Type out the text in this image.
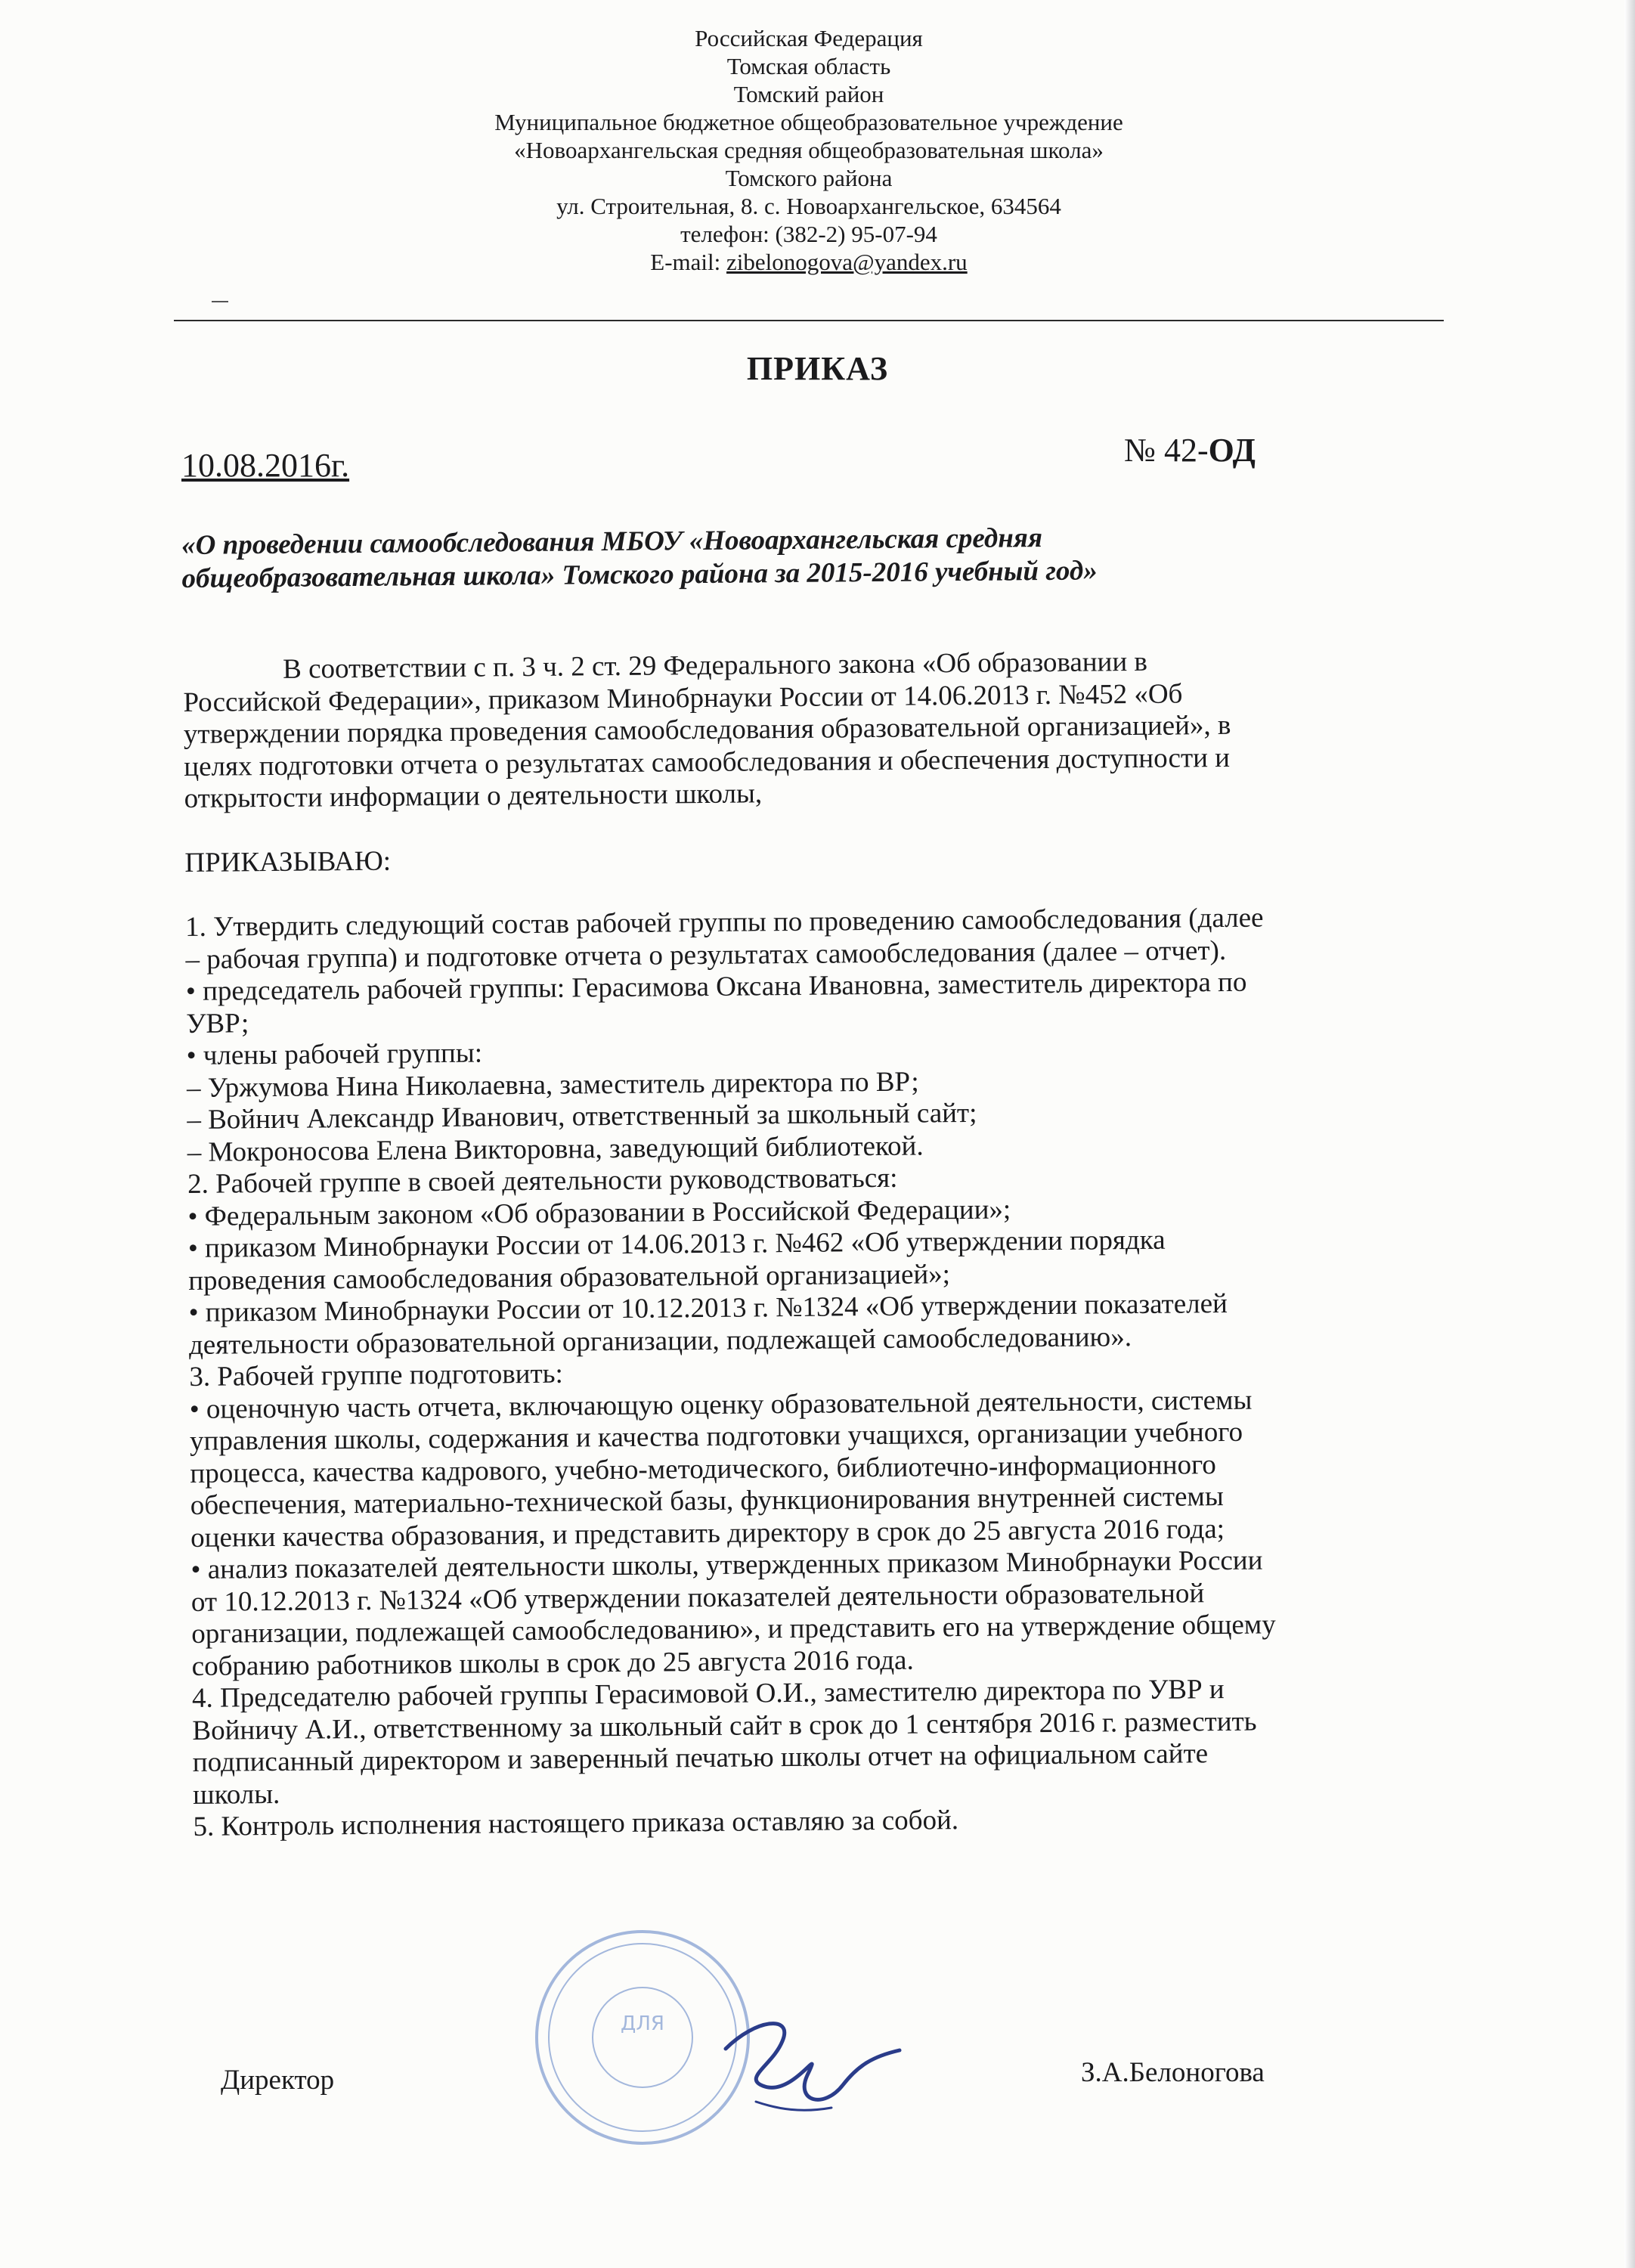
Российская Федерация
Томская область
Томский район
Муниципальное бюджетное общеобразовательное учреждение
«Новоархангельская средняя общеобразовательная школа»
Томского района
ул. Строительная, 8. с. Новоархангельское, 634564
телефон: (382-2) 95-07-94
E-mail: zibelonogova@yandex.ru
ПРИКАЗ
10.08.2016г.	№ 42-ОД
«О проведении самообследования МБОУ «Новоархангельская средняя
общеобразовательная школа» Томского района за 2015-2016 учебный год»
В соответствии с п. 3 ч. 2 ст. 29 Федерального закона «Об образовании в
Российской Федерации», приказом Минобрнауки России от 14.06.2013 г. №452 «Об
утверждении порядка проведения самообследования образовательной организацией», в
целях подготовки отчета о результатах самообследования и обеспечения доступности и
открытости информации о деятельности школы,
ПРИКАЗЫВАЮ:
1. Утвердить следующий состав рабочей группы по проведению самообследования (далее
– рабочая группа) и подготовке отчета о результатах самообследования (далее – отчет).
• председатель рабочей группы: Герасимова Оксана Ивановна, заместитель директора по
УВР;
• члены рабочей группы:
– Уржумова Нина Николаевна, заместитель директора по ВР;
– Войнич Александр Иванович, ответственный за школьный сайт;
– Мокроносова Елена Викторовна, заведующий библиотекой.
2. Рабочей группе в своей деятельности руководствоваться:
• Федеральным законом «Об образовании в Российской Федерации»;
• приказом Минобрнауки России от 14.06.2013 г. №462 «Об утверждении порядка
проведения самообследования образовательной организацией»;
• приказом Минобрнауки России от 10.12.2013 г. №1324 «Об утверждении показателей
деятельности образовательной организации, подлежащей самообследованию».
3. Рабочей группе подготовить:
• оценочную часть отчета, включающую оценку образовательной деятельности, системы
управления школы, содержания и качества подготовки учащихся, организации учебного
процесса, качества кадрового, учебно-методического, библиотечно-информационного
обеспечения, материально-технической базы, функционирования внутренней системы
оценки качества образования, и представить директору в срок до 25 августа 2016 года;
• анализ показателей деятельности школы, утвержденных приказом Минобрнауки России
от 10.12.2013 г. №1324 «Об утверждении показателей деятельности образовательной
организации, подлежащей самообследованию», и представить его на утверждение общему
собранию работников школы в срок до 25 августа 2016 года.
4. Председателю рабочей группы Герасимовой О.И., заместителю директора по УВР и
Войничу А.И., ответственному за школьный сайт в срок до 1 сентября 2016 г. разместить
подписанный директором и заверенный печатью школы отчет на официальном сайте
школы.
5. Контроль исполнения настоящего приказа оставляю за собой.
ДЛЯ
Директор	З.А.Белоногова
